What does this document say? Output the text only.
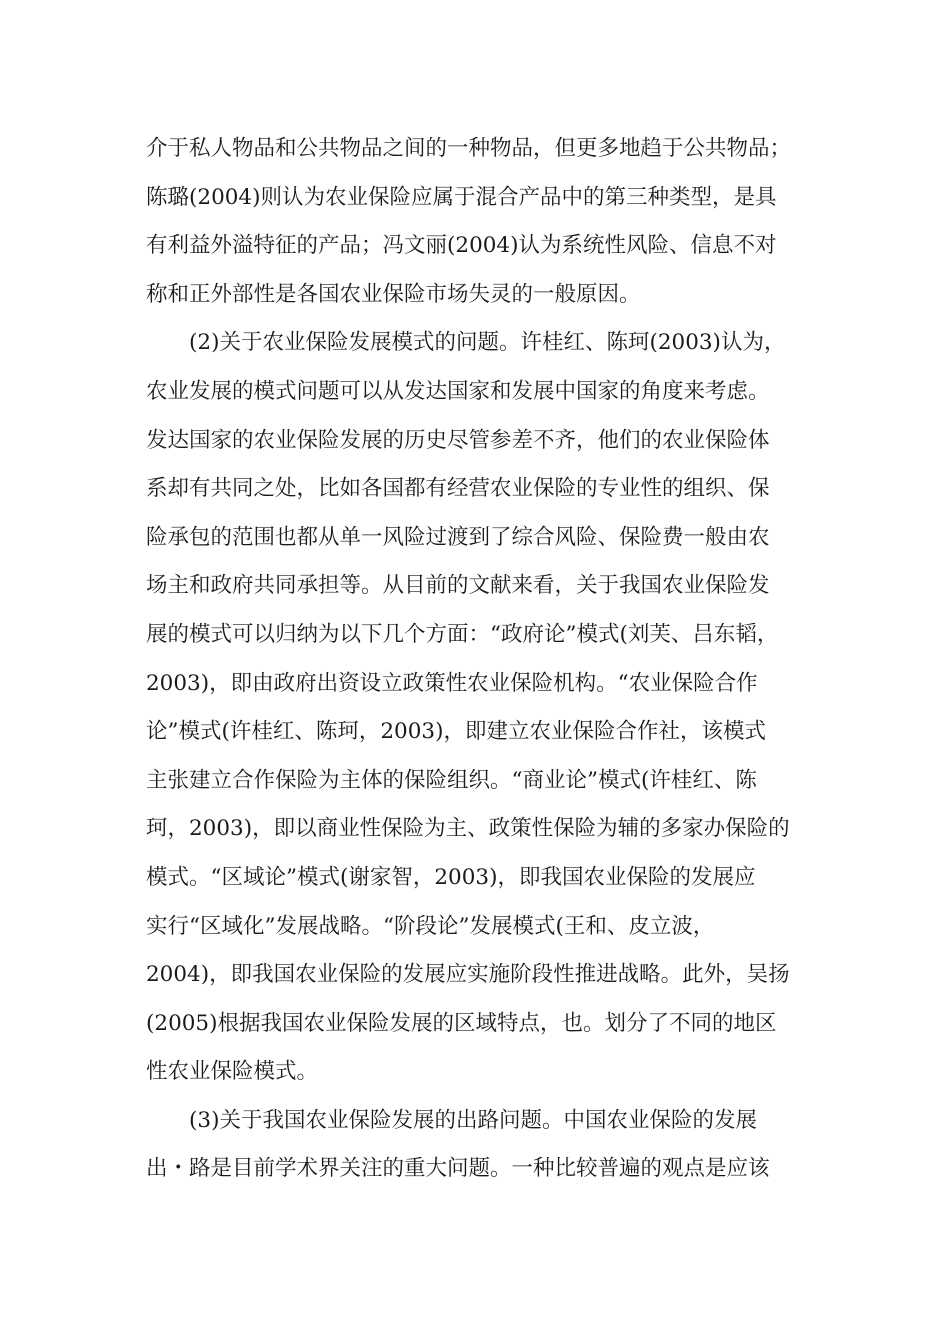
介于私人物品和公共物品之间的一种物品，但更多地趋于公共物品；
陈璐(2004)则认为农业保险应属于混合产品中的第三种类型，是具
有利益外溢特征的产品；冯文丽(2004)认为系统性风险、信息不对
称和正外部性是各国农业保险市场失灵的一般原因。
(2)关于农业保险发展模式的问题。许桂红、陈珂(2003)认为，
农业发展的模式问题可以从发达国家和发展中国家的角度来考虑。
发达国家的农业保险发展的历史尽管参差不齐，他们的农业保险体
系却有共同之处，比如各国都有经营农业保险的专业性的组织、保
险承包的范围也都从单一风险过渡到了综合风险、保险费一般由农
场主和政府共同承担等。从目前的文献来看，关于我国农业保险发
展的模式可以归纳为以下几个方面：“政府论”模式(刘芙、吕东韬，
2003)，即由政府出资设立政策性农业保险机构。“农业保险合作
论”模式(许桂红、陈珂，2003)，即建立农业保险合作社，该模式
主张建立合作保险为主体的保险组织。“商业论”模式(许桂红、陈
珂，2003)，即以商业性保险为主、政策性保险为辅的多家办保险的
模式。“区域论”模式(谢家智，2003)，即我国农业保险的发展应
实行“区域化”发展战略。“阶段论”发展模式(王和、皮立波，
2004)，即我国农业保险的发展应实施阶段性推进战略。此外，吴扬
(2005)根据我国农业保险发展的区域特点，也。划分了不同的地区
性农业保险模式。
(3)关于我国农业保险发展的出路问题。中国农业保险的发展
出・路是目前学术界关注的重大问题。一种比较普遍的观点是应该
